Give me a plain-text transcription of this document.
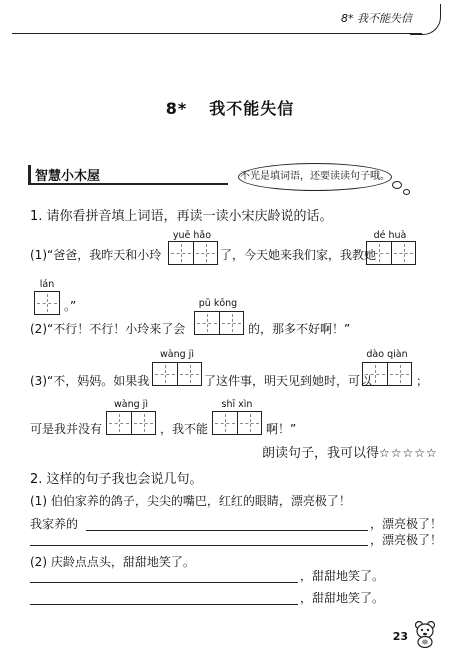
8* 我不能失信
8* 我不能失信
智慧小木屋	不光是填词语，还要读读句子哦。
1. 请你看拼音填上词语，再读一读小宋庆龄说的话。
yuē hǎo	dé huà
(1)“爸爸，我昨天和小玲	了，今天她来我们家，我教她
lán
。”	pū kōng
(2)“不行！不行！小玲来了会	的，那多不好啊！”
wàng jì	dào qiàn
(3)“不，妈妈。如果我	了这件事，明天见到她时，可以	；
wàng jì	shī xìn
可是我并没有	，我不能	啊！”
朗读句子，我可以得☆☆☆☆☆
2. 这样的句子我也会说几句。
(1) 伯伯家养的鸽子，尖尖的嘴巴，红红的眼睛，漂亮极了！
我家养的	，漂亮极了！
，漂亮极了！
(2) 庆龄点点头，甜甜地笑了。
，甜甜地笑了。
，甜甜地笑了。
23
